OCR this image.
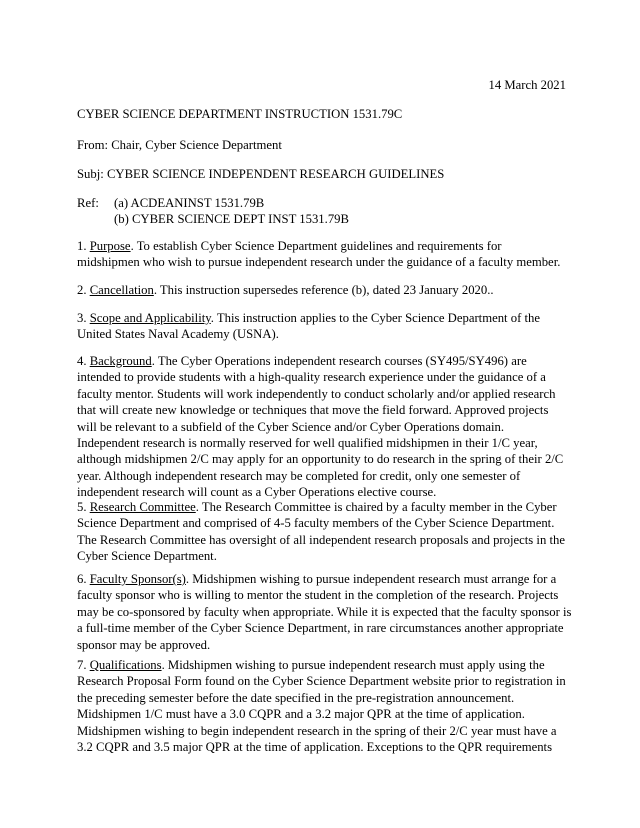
14 March 2021
CYBER SCIENCE DEPARTMENT INSTRUCTION 1531.79C
From: Chair, Cyber Science Department
Subj: CYBER SCIENCE INDEPENDENT RESEARCH GUIDELINES
Ref:	(a) ACDEANINST 1531.79B
(b) CYBER SCIENCE DEPT INST 1531.79B
1. Purpose. To establish Cyber Science Department guidelines and requirements for
midshipmen who wish to pursue independent research under the guidance of a faculty member.
2. Cancellation. This instruction supersedes reference (b), dated 23 January 2020..
3. Scope and Applicability. This instruction applies to the Cyber Science Department of the
United States Naval Academy (USNA).
4. Background. The Cyber Operations independent research courses (SY495/SY496) are
intended to provide students with a high-quality research experience under the guidance of a
faculty mentor. Students will work independently to conduct scholarly and/or applied research
that will create new knowledge or techniques that move the field forward. Approved projects
will be relevant to a subfield of the Cyber Science and/or Cyber Operations domain.
Independent research is normally reserved for well qualified midshipmen in their 1/C year,
although midshipmen 2/C may apply for an opportunity to do research in the spring of their 2/C
year. Although independent research may be completed for credit, only one semester of
independent research will count as a Cyber Operations elective course.
5. Research Committee. The Research Committee is chaired by a faculty member in the Cyber
Science Department and comprised of 4-5 faculty members of the Cyber Science Department.
The Research Committee has oversight of all independent research proposals and projects in the
Cyber Science Department.
6. Faculty Sponsor(s). Midshipmen wishing to pursue independent research must arrange for a
faculty sponsor who is willing to mentor the student in the completion of the research. Projects
may be co-sponsored by faculty when appropriate. While it is expected that the faculty sponsor is
a full-time member of the Cyber Science Department, in rare circumstances another appropriate
sponsor may be approved.
7. Qualifications. Midshipmen wishing to pursue independent research must apply using the
Research Proposal Form found on the Cyber Science Department website prior to registration in
the preceding semester before the date specified in the pre-registration announcement.
Midshipmen 1/C must have a 3.0 CQPR and a 3.2 major QPR at the time of application.
Midshipmen wishing to begin independent research in the spring of their 2/C year must have a
3.2 CQPR and 3.5 major QPR at the time of application. Exceptions to the QPR requirements
